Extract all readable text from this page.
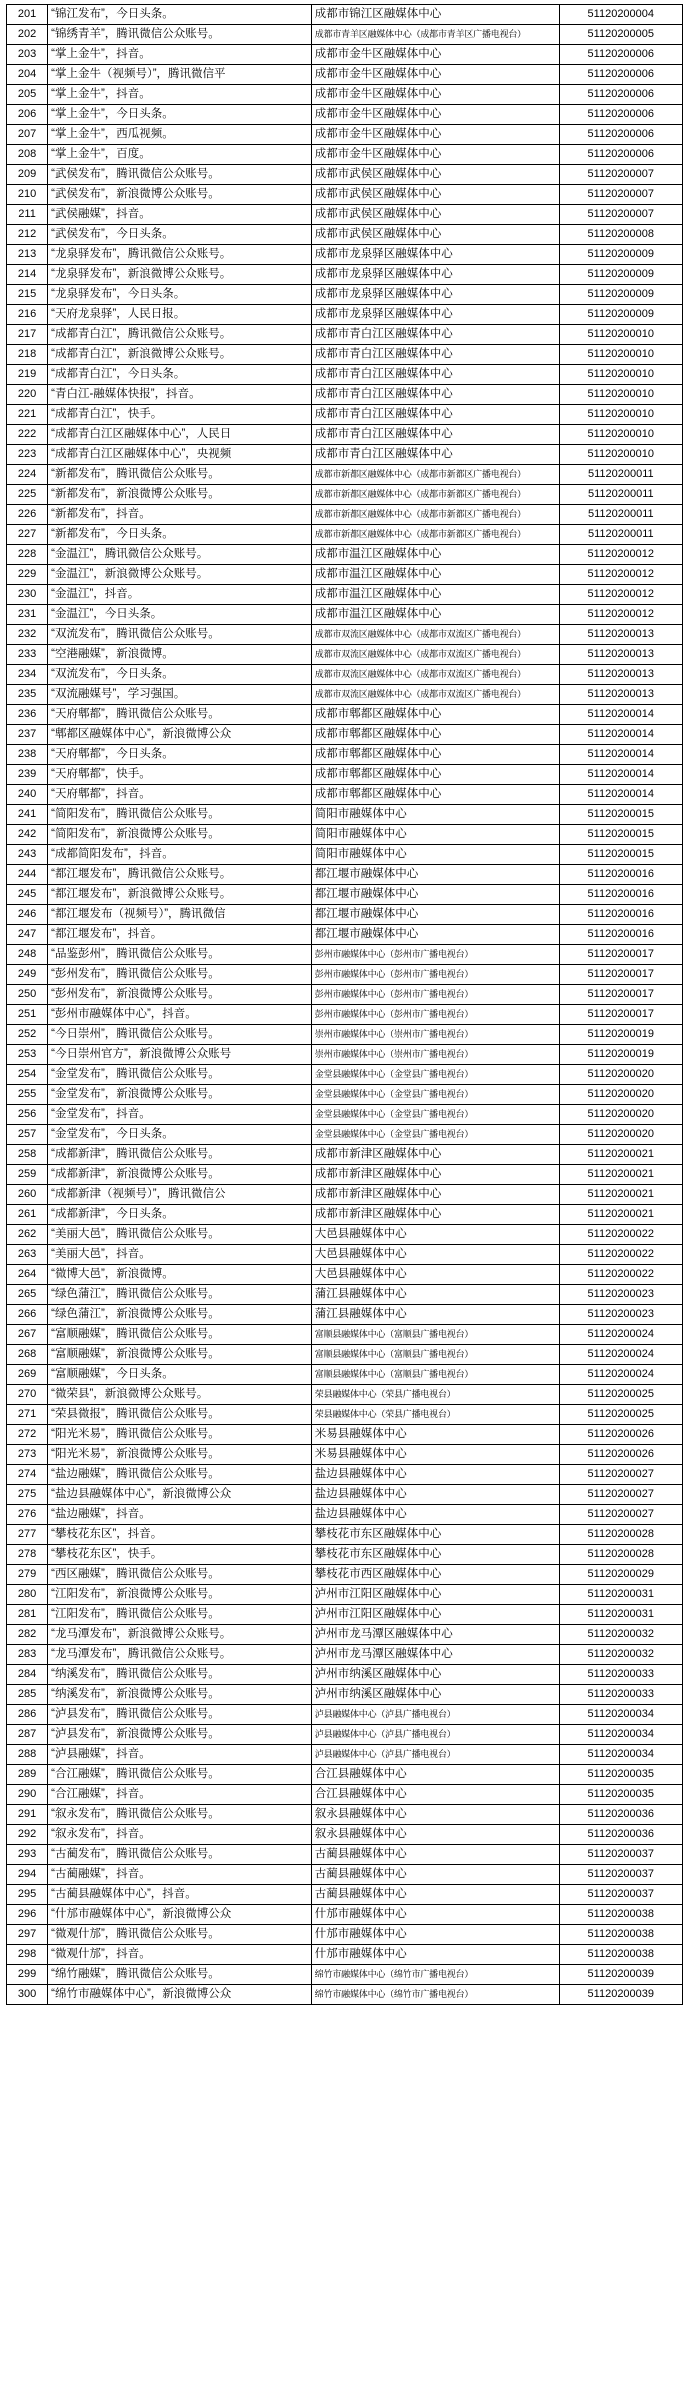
201	“锦江发布”，今日头条。	成都市锦江区融媒体中心	51120200004
202	“锦绣青羊”，腾讯微信公众账号。	成都市青羊区融媒体中心（成都市青羊区广播电视台）	51120200005
203	“掌上金牛”，抖音。	成都市金牛区融媒体中心	51120200006
204	“掌上金牛（视频号）”，腾讯微信平	成都市金牛区融媒体中心	51120200006
205	“掌上金牛”，抖音。	成都市金牛区融媒体中心	51120200006
206	“掌上金牛”，今日头条。	成都市金牛区融媒体中心	51120200006
207	“掌上金牛”，西瓜视频。	成都市金牛区融媒体中心	51120200006
208	“掌上金牛”，百度。	成都市金牛区融媒体中心	51120200006
209	“武侯发布”，腾讯微信公众账号。	成都市武侯区融媒体中心	51120200007
210	“武侯发布”，新浪微博公众账号。	成都市武侯区融媒体中心	51120200007
211	“武侯融媒”，抖音。	成都市武侯区融媒体中心	51120200007
212	“武侯发布”，今日头条。	成都市武侯区融媒体中心	51120200008
213	“龙泉驿发布”，腾讯微信公众账号。	成都市龙泉驿区融媒体中心	51120200009
214	“龙泉驿发布”，新浪微博公众账号。	成都市龙泉驿区融媒体中心	51120200009
215	“龙泉驿发布”，今日头条。	成都市龙泉驿区融媒体中心	51120200009
216	“天府龙泉驿”，人民日报。	成都市龙泉驿区融媒体中心	51120200009
217	“成都青白江”，腾讯微信公众账号。	成都市青白江区融媒体中心	51120200010
218	“成都青白江”，新浪微博公众账号。	成都市青白江区融媒体中心	51120200010
219	“成都青白江”，今日头条。	成都市青白江区融媒体中心	51120200010
220	“青白江-融媒体快报”，抖音。	成都市青白江区融媒体中心	51120200010
221	“成都青白江”，快手。	成都市青白江区融媒体中心	51120200010
222	“成都青白江区融媒体中心”，人民日	成都市青白江区融媒体中心	51120200010
223	“成都青白江区融媒体中心”，央视频	成都市青白江区融媒体中心	51120200010
224	“新都发布”，腾讯微信公众账号。	成都市新都区融媒体中心（成都市新都区广播电视台）	51120200011
225	“新都发布”，新浪微博公众账号。	成都市新都区融媒体中心（成都市新都区广播电视台）	51120200011
226	“新都发布”，抖音。	成都市新都区融媒体中心（成都市新都区广播电视台）	51120200011
227	“新都发布”，今日头条。	成都市新都区融媒体中心（成都市新都区广播电视台）	51120200011
228	“金温江”，腾讯微信公众账号。	成都市温江区融媒体中心	51120200012
229	“金温江”，新浪微博公众账号。	成都市温江区融媒体中心	51120200012
230	“金温江”，抖音。	成都市温江区融媒体中心	51120200012
231	“金温江”，今日头条。	成都市温江区融媒体中心	51120200012
232	“双流发布”，腾讯微信公众账号。	成都市双流区融媒体中心（成都市双流区广播电视台）	51120200013
233	“空港融媒”，新浪微博。	成都市双流区融媒体中心（成都市双流区广播电视台）	51120200013
234	“双流发布”，今日头条。	成都市双流区融媒体中心（成都市双流区广播电视台）	51120200013
235	“双流融媒号”，学习强国。	成都市双流区融媒体中心（成都市双流区广播电视台）	51120200013
236	“天府郫都”，腾讯微信公众账号。	成都市郫都区融媒体中心	51120200014
237	“郫都区融媒体中心”，新浪微博公众	成都市郫都区融媒体中心	51120200014
238	“天府郫都”，今日头条。	成都市郫都区融媒体中心	51120200014
239	“天府郫都”，快手。	成都市郫都区融媒体中心	51120200014
240	“天府郫都”，抖音。	成都市郫都区融媒体中心	51120200014
241	“简阳发布”，腾讯微信公众账号。	简阳市融媒体中心	51120200015
242	“简阳发布”，新浪微博公众账号。	简阳市融媒体中心	51120200015
243	“成都简阳发布”，抖音。	简阳市融媒体中心	51120200015
244	“都江堰发布”，腾讯微信公众账号。	都江堰市融媒体中心	51120200016
245	“都江堰发布”，新浪微博公众账号。	都江堰市融媒体中心	51120200016
246	“都江堰发布（视频号）”，腾讯微信	都江堰市融媒体中心	51120200016
247	“都江堰发布”，抖音。	都江堰市融媒体中心	51120200016
248	“品鉴彭州”，腾讯微信公众账号。	彭州市融媒体中心（彭州市广播电视台）	51120200017
249	“彭州发布”，腾讯微信公众账号。	彭州市融媒体中心（彭州市广播电视台）	51120200017
250	“彭州发布”，新浪微博公众账号。	彭州市融媒体中心（彭州市广播电视台）	51120200017
251	“彭州市融媒体中心”，抖音。	彭州市融媒体中心（彭州市广播电视台）	51120200017
252	“今日崇州”，腾讯微信公众账号。	崇州市融媒体中心（崇州市广播电视台）	51120200019
253	“今日崇州官方”，新浪微博公众账号	崇州市融媒体中心（崇州市广播电视台）	51120200019
254	“金堂发布”，腾讯微信公众账号。	金堂县融媒体中心（金堂县广播电视台）	51120200020
255	“金堂发布”，新浪微博公众账号。	金堂县融媒体中心（金堂县广播电视台）	51120200020
256	“金堂发布”，抖音。	金堂县融媒体中心（金堂县广播电视台）	51120200020
257	“金堂发布”，今日头条。	金堂县融媒体中心（金堂县广播电视台）	51120200020
258	“成都新津”，腾讯微信公众账号。	成都市新津区融媒体中心	51120200021
259	“成都新津”，新浪微博公众账号。	成都市新津区融媒体中心	51120200021
260	“成都新津（视频号）”，腾讯微信公	成都市新津区融媒体中心	51120200021
261	“成都新津”，今日头条。	成都市新津区融媒体中心	51120200021
262	“美丽大邑”，腾讯微信公众账号。	大邑县融媒体中心	51120200022
263	“美丽大邑”，抖音。	大邑县融媒体中心	51120200022
264	“微博大邑”，新浪微博。	大邑县融媒体中心	51120200022
265	“绿色蒲江”，腾讯微信公众账号。	蒲江县融媒体中心	51120200023
266	“绿色蒲江”，新浪微博公众账号。	蒲江县融媒体中心	51120200023
267	“富顺融媒”，腾讯微信公众账号。	富顺县融媒体中心（富顺县广播电视台）	51120200024
268	“富顺融媒”，新浪微博公众账号。	富顺县融媒体中心（富顺县广播电视台）	51120200024
269	“富顺融媒”，今日头条。	富顺县融媒体中心（富顺县广播电视台）	51120200024
270	“微荣县”，新浪微博公众账号。	荣县融媒体中心（荣县广播电视台）	51120200025
271	“荣县微报”，腾讯微信公众账号。	荣县融媒体中心（荣县广播电视台）	51120200025
272	“阳光米易”，腾讯微信公众账号。	米易县融媒体中心	51120200026
273	“阳光米易”，新浪微博公众账号。	米易县融媒体中心	51120200026
274	“盐边融媒”，腾讯微信公众账号。	盐边县融媒体中心	51120200027
275	“盐边县融媒体中心”，新浪微博公众	盐边县融媒体中心	51120200027
276	“盐边融媒”，抖音。	盐边县融媒体中心	51120200027
277	“攀枝花东区”，抖音。	攀枝花市东区融媒体中心	51120200028
278	“攀枝花东区”，快手。	攀枝花市东区融媒体中心	51120200028
279	“西区融媒”，腾讯微信公众账号。	攀枝花市西区融媒体中心	51120200029
280	“江阳发布”，新浪微博公众账号。	泸州市江阳区融媒体中心	51120200031
281	“江阳发布”，腾讯微信公众账号。	泸州市江阳区融媒体中心	51120200031
282	“龙马潭发布”，新浪微博公众账号。	泸州市龙马潭区融媒体中心	51120200032
283	“龙马潭发布”，腾讯微信公众账号。	泸州市龙马潭区融媒体中心	51120200032
284	“纳溪发布”，腾讯微信公众账号。	泸州市纳溪区融媒体中心	51120200033
285	“纳溪发布”，新浪微博公众账号。	泸州市纳溪区融媒体中心	51120200033
286	“泸县发布”，腾讯微信公众账号。	泸县融媒体中心（泸县广播电视台）	51120200034
287	“泸县发布”，新浪微博公众账号。	泸县融媒体中心（泸县广播电视台）	51120200034
288	“泸县融媒”，抖音。	泸县融媒体中心（泸县广播电视台）	51120200034
289	“合江融媒”，腾讯微信公众账号。	合江县融媒体中心	51120200035
290	“合江融媒”，抖音。	合江县融媒体中心	51120200035
291	“叙永发布”，腾讯微信公众账号。	叙永县融媒体中心	51120200036
292	“叙永发布”，抖音。	叙永县融媒体中心	51120200036
293	“古蔺发布”，腾讯微信公众账号。	古蔺县融媒体中心	51120200037
294	“古蔺融媒”，抖音。	古蔺县融媒体中心	51120200037
295	“古蔺县融媒体中心”，抖音。	古蔺县融媒体中心	51120200037
296	“什邡市融媒体中心”，新浪微博公众	什邡市融媒体中心	51120200038
297	“微观什邡”，腾讯微信公众账号。	什邡市融媒体中心	51120200038
298	“微观什邡”，抖音。	什邡市融媒体中心	51120200038
299	“绵竹融媒”，腾讯微信公众账号。	绵竹市融媒体中心（绵竹市广播电视台）	51120200039
300	“绵竹市融媒体中心”，新浪微博公众	绵竹市融媒体中心（绵竹市广播电视台）	51120200039
